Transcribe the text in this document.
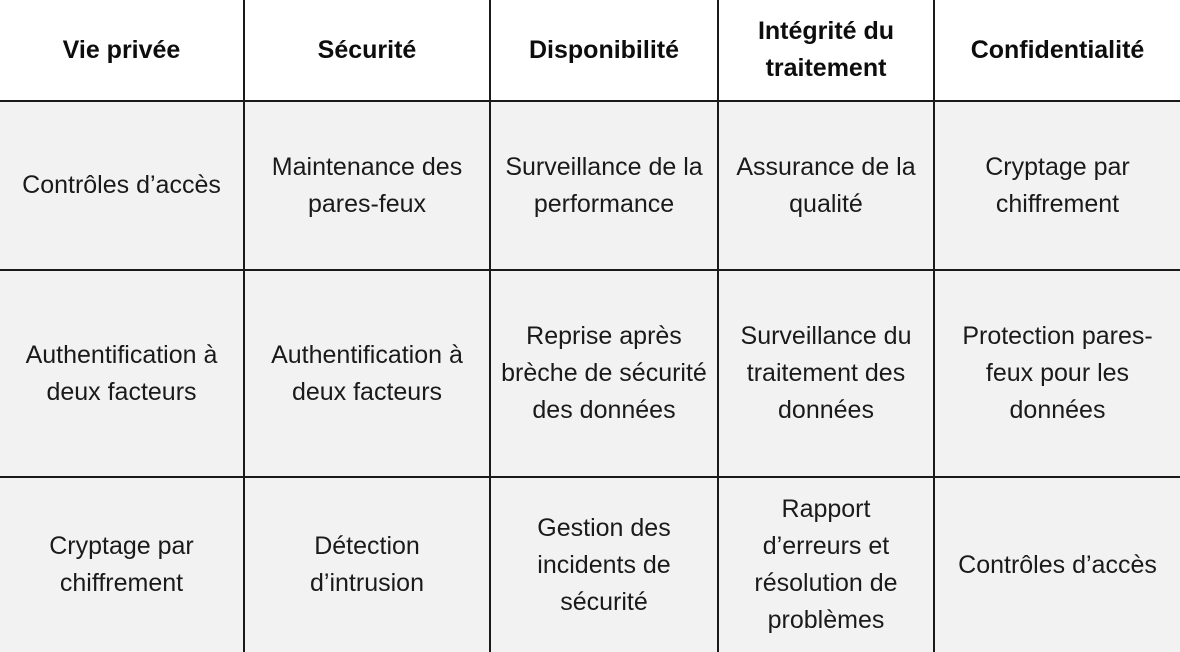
Vie privée	Sécurité	Disponibilité	Intégrité du traitement	Confidentialité
Contrôles d’accès	Maintenance des pares-feux	Surveillance de la performance	Assurance de la qualité	Cryptage par chiffrement
Authentification à deux facteurs	Authentification à deux facteurs	Reprise après brèche de sécurité des données	Surveillance du traitement des données	Protection pares-feux pour les données
Cryptage par chiffrement	Détection d’intrusion	Gestion des incidents de sécurité	Rapport d’erreurs et résolution de problèmes	Contrôles d’accès
